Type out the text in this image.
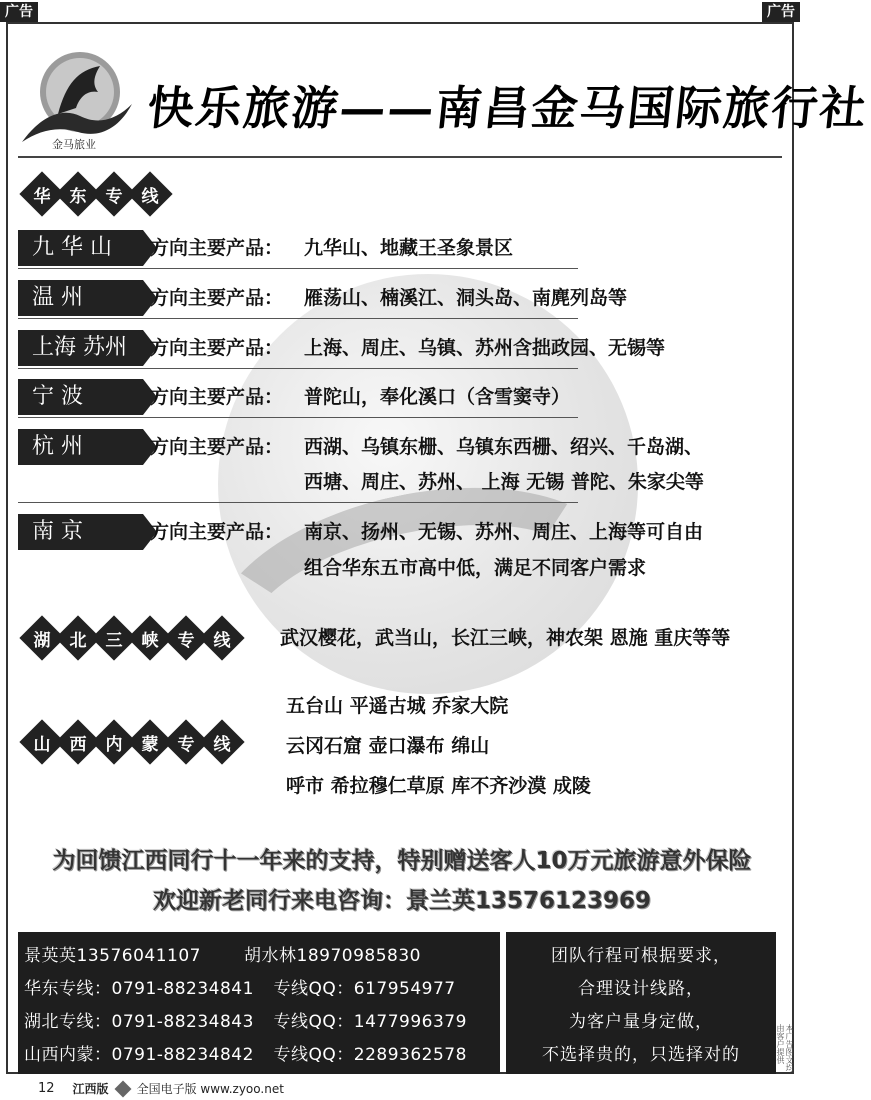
广告	广告
金马旅业
快乐旅游——南昌金马国际旅行社
华 东 专 线
九 华 山	方向主要产品： 九华山、地藏王圣象景区
温 州	方向主要产品： 雁荡山、楠溪江、洞头岛、南麂列岛等
上海 苏州	方向主要产品： 上海、周庄、乌镇、苏州含拙政园、无锡等
宁 波	方向主要产品： 普陀山，奉化溪口（含雪窦寺）
杭 州	方向主要产品： 西湖、乌镇东栅、乌镇东西栅、绍兴、千岛湖、
西塘、周庄、苏州、 上海 无锡 普陀、朱家尖等
南 京	方向主要产品： 南京、扬州、无锡、苏州、周庄、上海等可自由
组合华东五市高中低，满足不同客户需求
湖 北 三 峡 专 线	武汉樱花，武当山，长江三峡，神农架 恩施 重庆等等
山 西 内 蒙 专 线
五台山 平遥古城 乔家大院
云冈石窟 壶口瀑布 绵山
呼市 希拉穆仁草原 库不齐沙漠 成陵
为回馈江西同行十一年来的支持，特别赠送客人10万元旅游意外保险
欢迎新老同行来电咨询：景兰英13576123969
景英英13576041107	胡水林18970985830
华东专线：0791-88234841 专线QQ：617954977
湖北专线：0791-88234843 专线QQ：1477996379
山西内蒙：0791-88234842 专线QQ：2289362578
团队行程可根据要求，
合理设计线路，
为客户量身定做，
不选择贵的，只选择对的	本广告图文均由客户提供
12 江西版 全国电子版 www.zyoo.net
